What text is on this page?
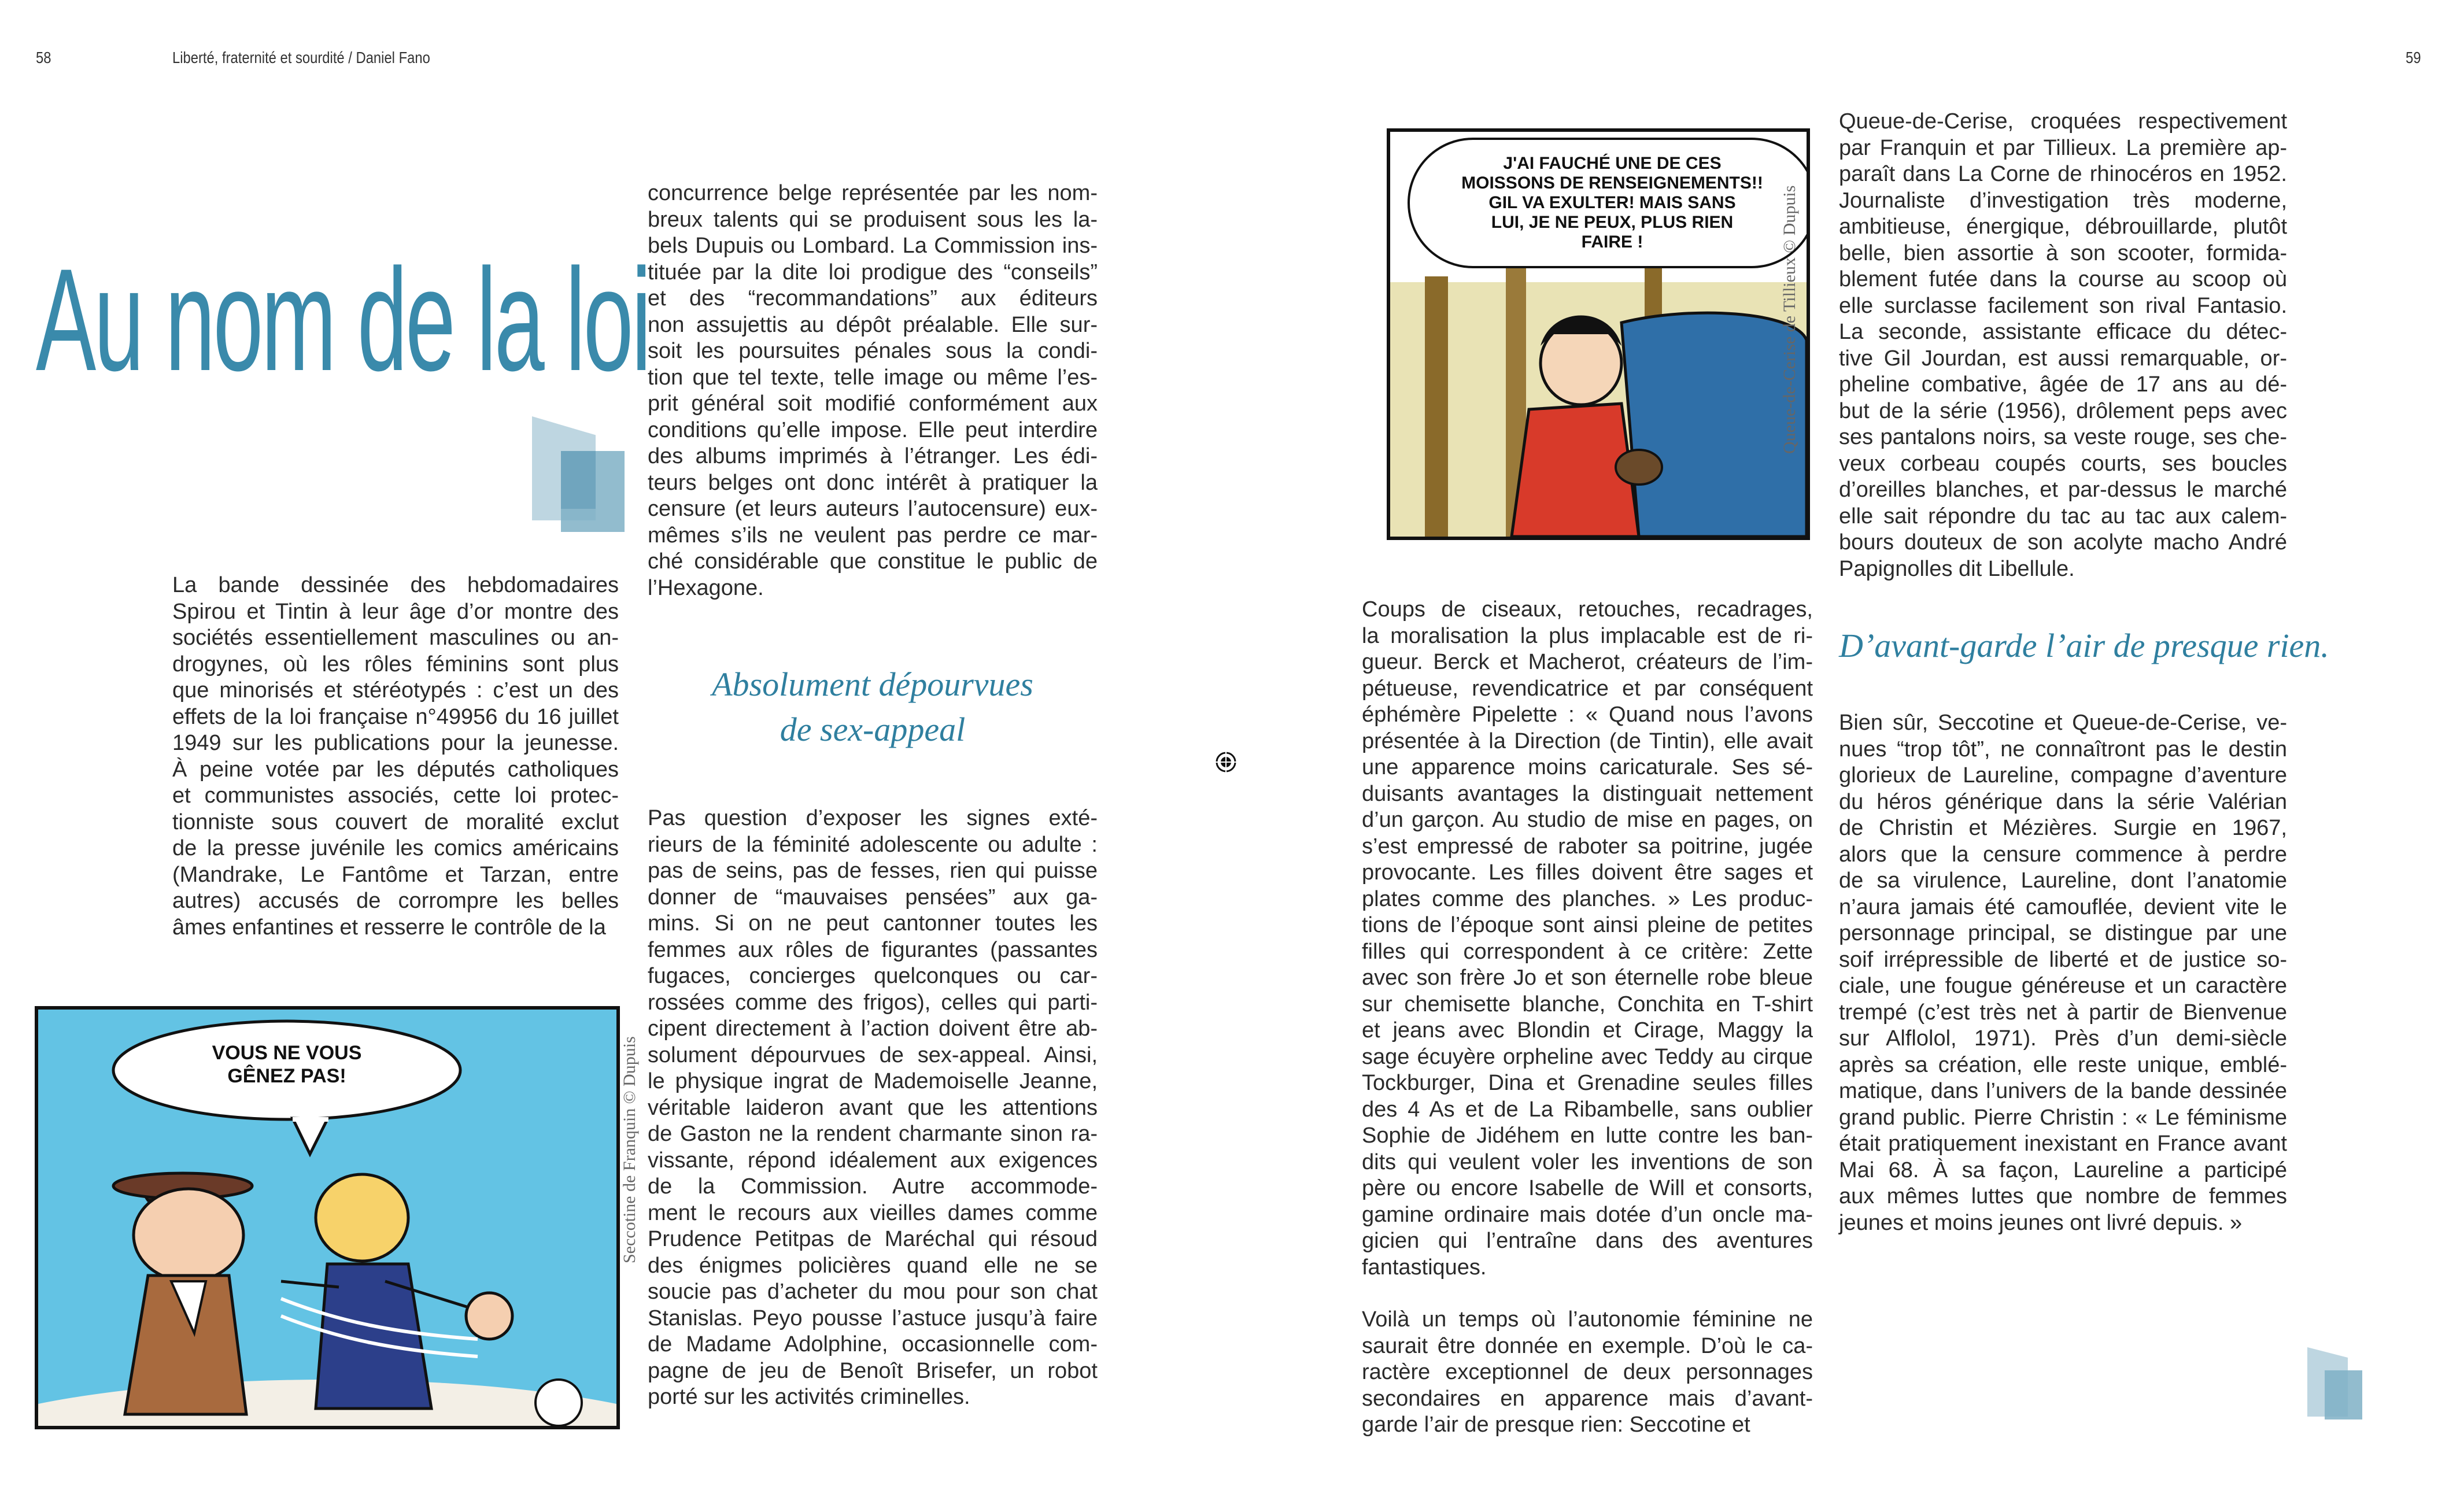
58	Liberté, fraternité et sourdité / Daniel Fano	59
Au nom de la loi

La bande dessinée des hebdomadaires

Spirou et Tintin à leur âge d’or montre des

sociétés essentiellement masculines ou an-

drogynes, où les rôles féminins sont plus

que minorisés et stéréotypés : c’est un des

effets de la loi française n°49956 du 16 juillet

1949 sur les publications pour la jeunesse.

À peine votée par les députés catholiques

et communistes associés, cette loi protec-

tionniste sous couvert de moralité exclut

de la presse juvénile les comics américains

(Mandrake, Le Fantôme et Tarzan, entre

autres) accusés de corrompre les belles

âmes enfantines et resserre le contrôle de la

concurrence belge représentée par les nom-

breux talents qui se produisent sous les la-

bels Dupuis ou Lombard. La Commission ins-

tituée par la dite loi prodigue des “conseils”

et des “recommandations” aux éditeurs

non assujettis au dépôt préalable. Elle sur-

soit les poursuites pénales sous la condi-

tion que tel texte, telle image ou même l’es-

prit général soit modifié conformément aux

conditions qu’elle impose. Elle peut interdire

des albums imprimés à l’étranger. Les édi-

teurs belges ont donc intérêt à pratiquer la

censure (et leurs auteurs l’autocensure) eux-

mêmes s’ils ne veulent pas perdre ce mar-

ché considérable que constitue le public de

l’Hexagone.

Absolument dépourvues
de sex-appeal

Pas question d’exposer les signes exté-

rieurs de la féminité adolescente ou adulte :

pas de seins, pas de fesses, rien qui puisse

donner de “mauvaises pensées” aux ga-

mins. Si on ne peut cantonner toutes les

femmes aux rôles de figurantes (passantes

fugaces, concierges quelconques ou car-

rossées comme des frigos), celles qui parti-

cipent directement à l’action doivent être ab-

solument dépourvues de sex-appeal. Ainsi,

le physique ingrat de Mademoiselle Jeanne,

véritable laideron avant que les attentions

de Gaston ne la rendent charmante sinon ra-

vissante, répond idéalement aux exigences

de la Commission. Autre accommode-

ment le recours aux vieilles dames comme

Prudence Petitpas de Maréchal qui résoud

des énigmes policières quand elle ne se

soucie pas d’acheter du mou pour son chat

Stanislas. Peyo pousse l’astuce jusqu’à faire

de Madame Adolphine, occasionnelle com-

pagne de jeu de Benoît Brisefer, un robot

porté sur les activités criminelles.

Coups de ciseaux, retouches, recadrages,

la moralisation la plus implacable est de ri-

gueur. Berck et Macherot, créateurs de l’im-

pétueuse, revendicatrice et par conséquent

éphémère Pipelette : « Quand nous l’avons

présentée à la Direction (de Tintin), elle avait

une apparence moins caricaturale. Ses sé-

duisants avantages la distinguait nettement

d’un garçon. Au studio de mise en pages, on

s’est empressé de raboter sa poitrine, jugée

provocante. Les filles doivent être sages et

plates comme des planches. » Les produc-

tions de l’époque sont ainsi pleine de petites

filles qui correspondent à ce critère: Zette

avec son frère Jo et son éternelle robe bleue

sur chemisette blanche, Conchita en T-shirt

et jeans avec Blondin et Cirage, Maggy la

sage écuyère orpheline avec Teddy au cirque

Tockburger, Dina et Grenadine seules filles

des 4 As et de La Ribambelle, sans oublier

Sophie de Jidéhem en lutte contre les ban-

dits qui veulent voler les inventions de son

père ou encore Isabelle de Will et consorts,

gamine ordinaire mais dotée d’un oncle ma-

gicien qui l’entraîne dans des aventures

fantastiques.

Voilà un temps où l’autonomie féminine ne

saurait être donnée en exemple. D’où le ca-

ractère exceptionnel de deux personnages

secondaires en apparence mais d’avant-

garde l’air de presque rien: Seccotine et

Queue-de-Cerise, croquées respectivement

par Franquin et par Tillieux. La première ap-

paraît dans La Corne de rhinocéros en 1952.

Journaliste d’investigation très moderne,

ambitieuse, énergique, débrouillarde, plutôt

belle, bien assortie à son scooter, formida-

blement futée dans la course au scoop où

elle surclasse facilement son rival Fantasio.

La seconde, assistante efficace du détec-

tive Gil Jourdan, est aussi remarquable, or-

pheline combative, âgée de 17 ans au dé-

but de la série (1956), drôlement peps avec

ses pantalons noirs, sa veste rouge, ses che-

veux corbeau coupés courts, ses boucles

d’oreilles blanches, et par-dessus le marché

elle sait répondre du tac au tac aux calem-

bours douteux de son acolyte macho André

Papignolles dit Libellule.

D’avant-garde l’air de presque rien.

Bien sûr, Seccotine et Queue-de-Cerise, ve-

nues “trop tôt”, ne connaîtront pas le destin

glorieux de Laureline, compagne d’aventure

du héros générique dans la série Valérian

de Christin et Mézières. Surgie en 1967,

alors que la censure commence à perdre

de sa virulence, Laureline, dont l’anatomie

n’aura jamais été camouflée, devient vite le

personnage principal, se distingue par une

soif irrépressible de liberté et de justice so-

ciale, une fougue généreuse et un caractère

trempé (c’est très net à partir de Bienvenue

sur Alflolol, 1971). Près d’un demi-siècle

après sa création, elle reste unique, emblé-

matique, dans l’univers de la bande dessinée

grand public. Pierre Christin : « Le féminisme

était pratiquement inexistant en France avant

Mai 68. À sa façon, Laureline a participé

aux mêmes luttes que nombre de femmes

jeunes et moins jeunes ont livré depuis. »

VOUS NE VOUS GÊNEZ PAS!	Seccotine de Franquin © Dupuis
J'AI FAUCHÉ UNE DE CES
MOISSONS DE RENSEIGNEMENTS!!
GIL VA EXULTER! MAIS SANS
LUI, JE NE PEUX, PLUS RIEN
FAIRE !	Queue-de-Cerise de Tillieux © Dupuis
